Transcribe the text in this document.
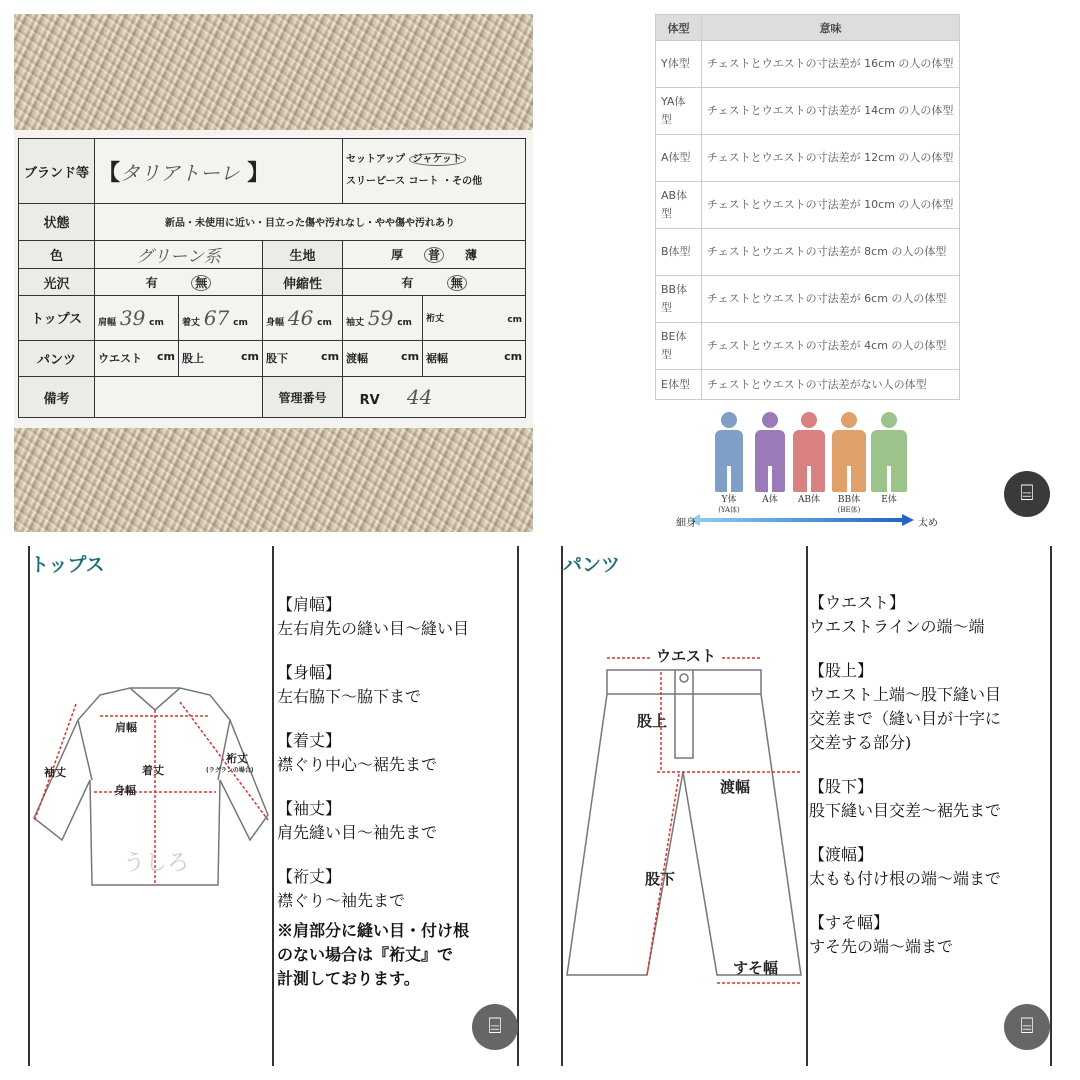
ブランド等	【タリアトーレ 】			セットアップ ジャケット
スリーピース コート ・その他	
状態	新品・未使用に近い・目立った傷や汚れなし・やや傷や汚れあり				
色	グリーン系		生地	厚 普 薄	
光沢	有 無		伸縮性	有 無	
トップス	肩幅 39 cm	着丈 67 cm	身幅 46 cm	袖丈 59 cm	裄丈 cm

パンツ	ウエスト cm	股上 cm	股下 cm	渡幅 cm	裾幅 cm

備考			管理番号	RV 44	
体型	意味
Y体型	チェストとウエストの寸法差が 16cm の人の体型
YA体型	チェストとウエストの寸法差が 14cm の人の体型
A体型	チェストとウエストの寸法差が 12cm の人の体型
AB体型	チェストとウエストの寸法差が 10cm の人の体型
B体型	チェストとウエストの寸法差が 8cm の人の体型
BB体型	チェストとウエストの寸法差が 6cm の人の体型
BE体型	チェストとウエストの寸法差が 4cm の人の体型
E体型	チェストとウエストの寸法差がない人の体型
Y体
(YA体)
A体	AB体	BB体
(BE体)
E体
細身	太め
⌸
トップス
うしろ
肩幅
着丈
身幅
袖丈
裄丈
(ラグランの場合)
【肩幅】
左右肩先の縫い目〜縫い目
【身幅】
左右脇下〜脇下まで
【着丈】
襟ぐり中心〜裾先まで
【袖丈】
肩先縫い目〜袖先まで
【裄丈】
襟ぐり〜袖先まで
※肩部分に縫い目・付け根
のない場合は『裄丈』で
計測しております。
⌸
パンツ
ウエスト
股上
渡幅
股下
すそ幅
【ウエスト】
ウエストラインの端〜端
【股上】
ウエスト上端〜股下縫い目
交差まで（縫い目が十字に
交差する部分)
【股下】
股下縫い目交差〜裾先まで
【渡幅】
太もも付け根の端〜端まで
【すそ幅】
すそ先の端〜端まで
⌸
